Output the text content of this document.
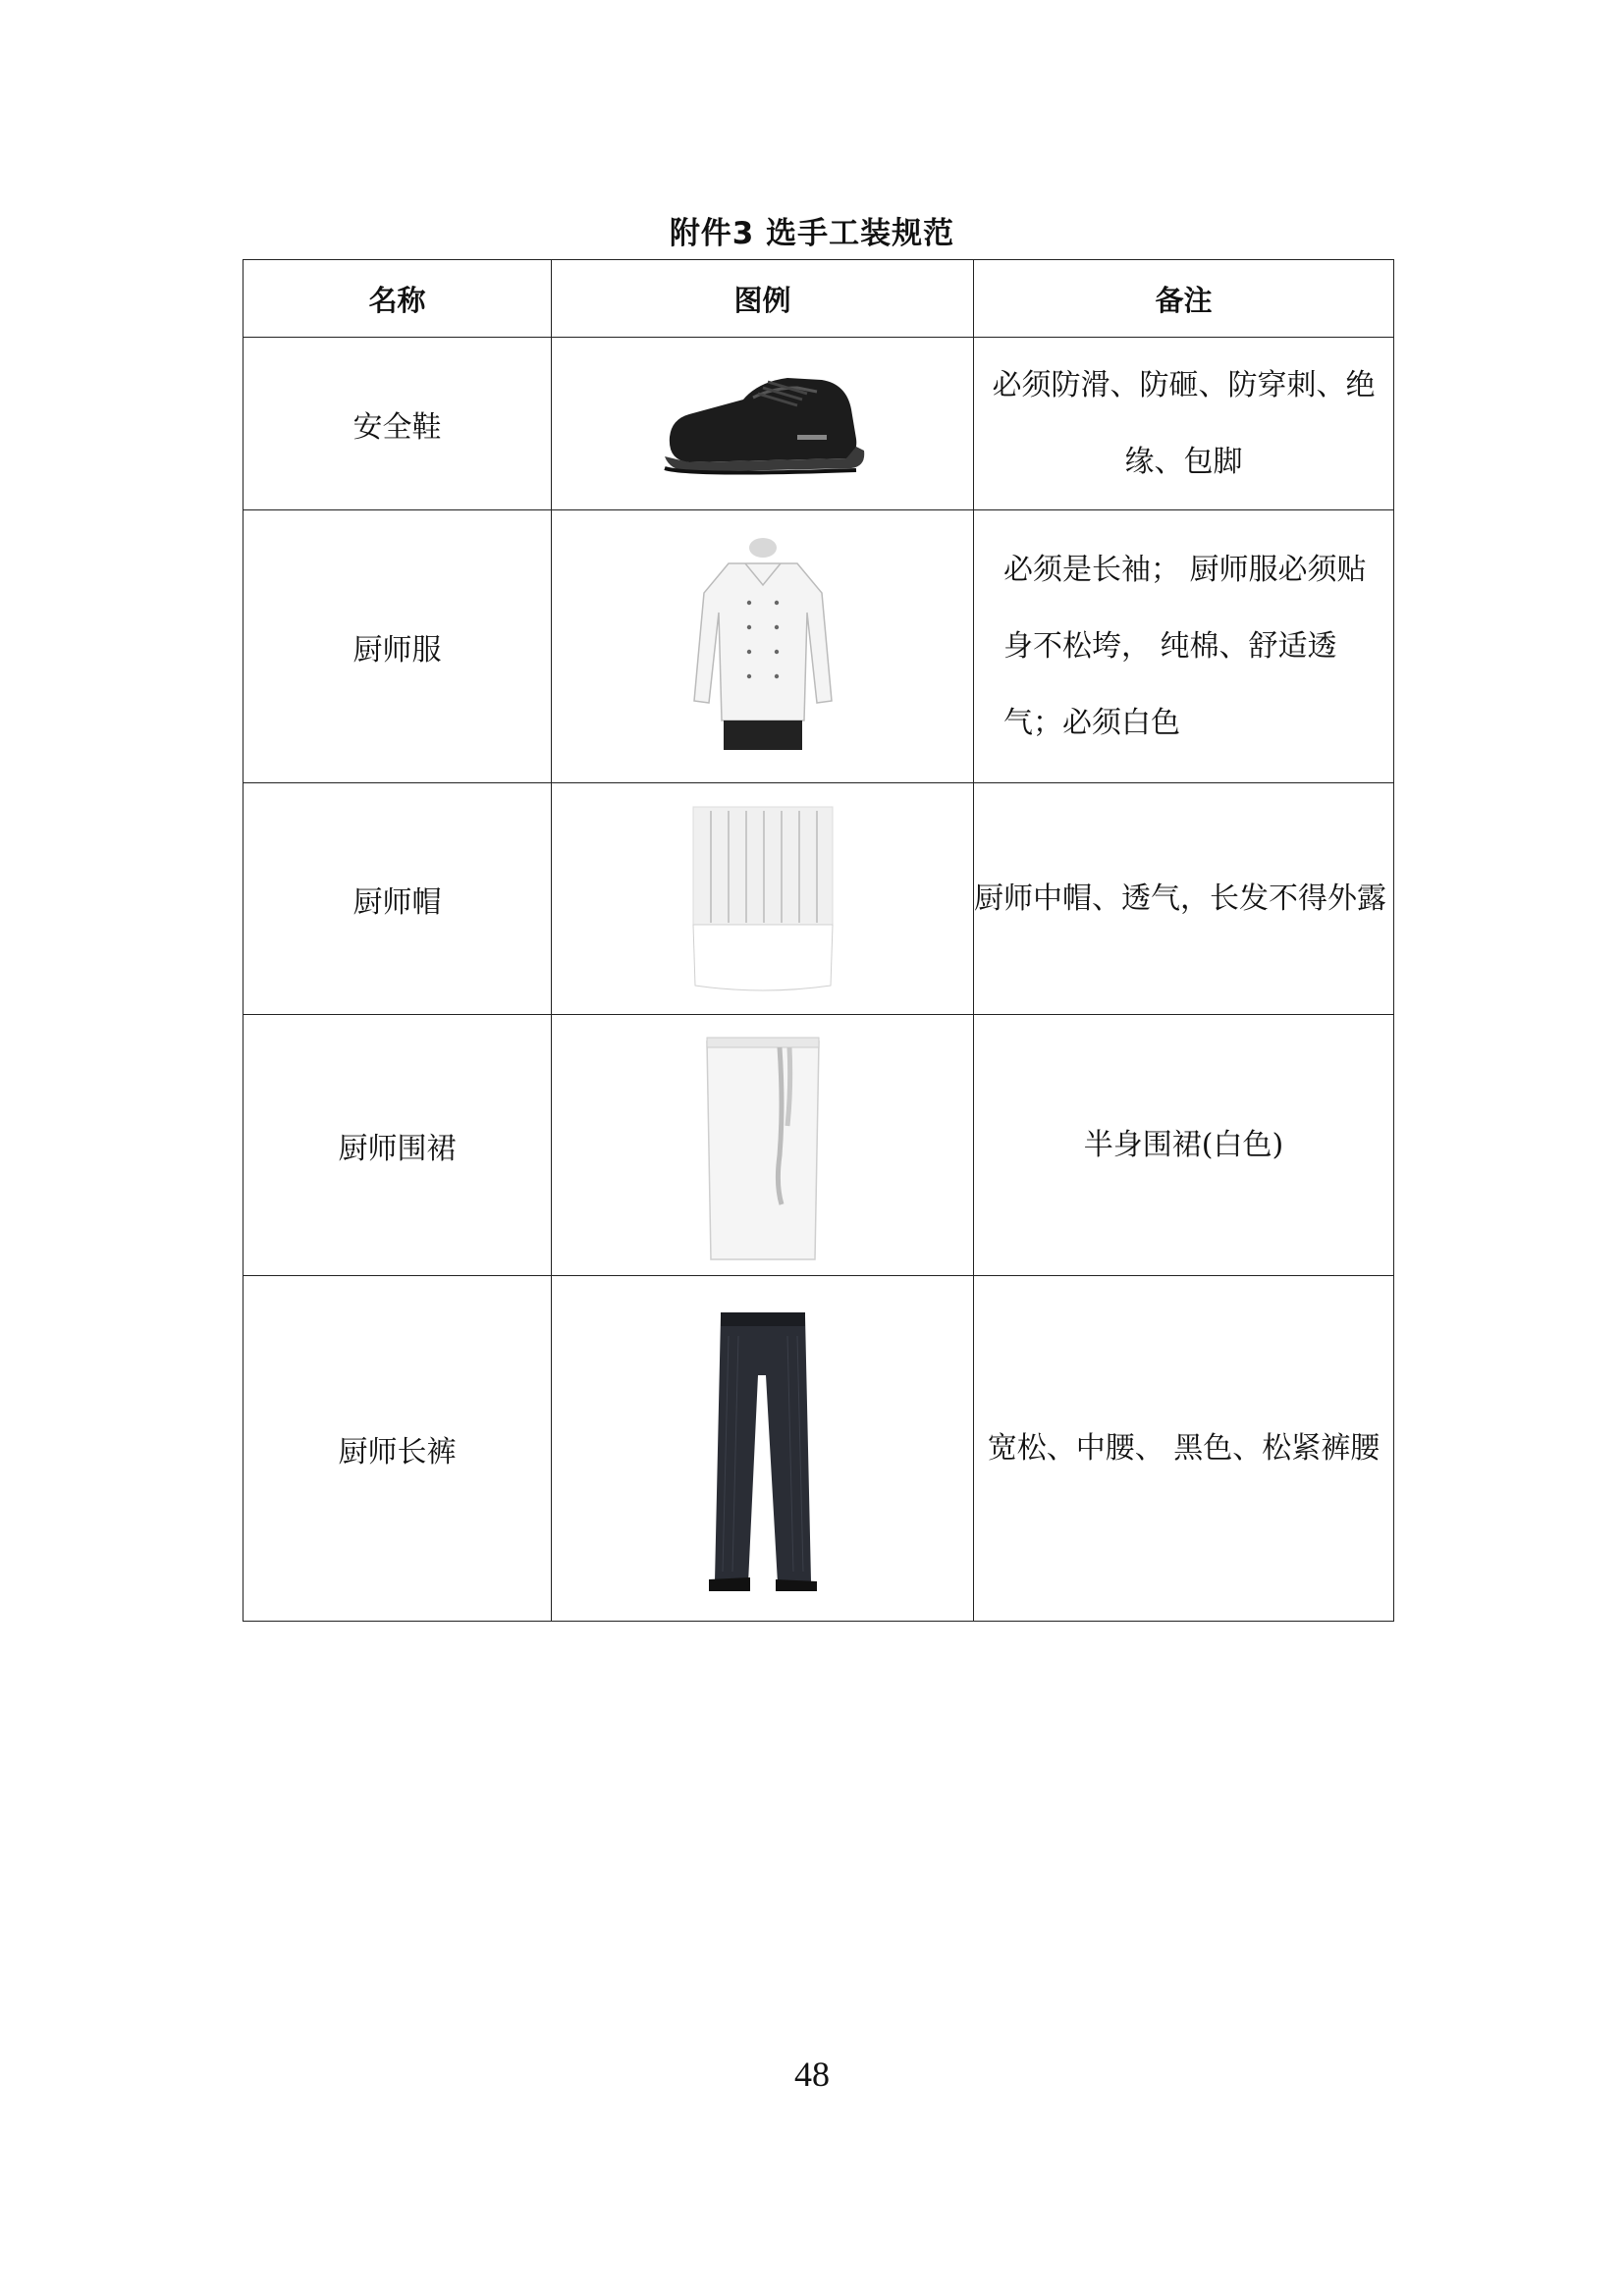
附件3 选手工装规范
名称	图例	备注
安全鞋		必须防滑、防砸、防穿刺、绝缘、包脚
厨师服		必须是长袖； 厨师服必须贴身不松垮， 纯棉、舒适透气；必须白色
厨师帽		厨师中帽、透气，长发不得外露
厨师围裙		半身围裙(白色)
厨师长裤		宽松、中腰、 黑色、松紧裤腰
48
